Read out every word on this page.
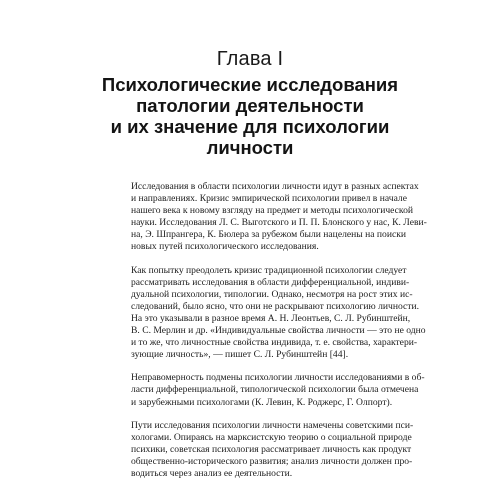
Глава I
Психологические исследования
патологии деятельности
и их значение для психологии
личности

Исследования в области психологии личности идут в разных аспектах
и направлениях. Кризис эмпирической психологии привел в начале
нашего века к новому взгляду на предмет и методы психологической
науки. Исследования Л. С. Выготского и П. П. Блонского у нас, К. Леви-
на, Э. Шпрангера, К. Бюлера за рубежом были нацелены на поиски
новых путей психологического исследования.

Как попытку преодолеть кризис традиционной психологии следует
рассматривать исследования в области дифференциальной, индиви-
дуальной психологии, типологии. Однако, несмотря на рост этих ис-
следований, было ясно, что они не раскрывают психологию личности.
На это указывали в разное время А. Н. Леонтьев, С. Л. Рубинштейн,
В. С. Мерлин и др. «Индивидуальные свойства личности — это не одно
и то же, что личностные свойства индивида, т. е. свойства, характери-
зующие личность», — пишет С. Л. Рубинштейн [44].

Неправомерность подмены психологии личности исследованиями в об-
ласти дифференциальной, типологической психологии была отмечена
и зарубежными психологами (К. Левин, К. Роджерс, Г. Олпорт).

Пути исследования психологии личности намечены советскими пси-
хологами. Опираясь на марксистскую теорию о социальной природе
психики, советская психология рассматривает личность как продукт
общественно-исторического развития; анализ личности должен про-
водиться через анализ ее деятельности.
